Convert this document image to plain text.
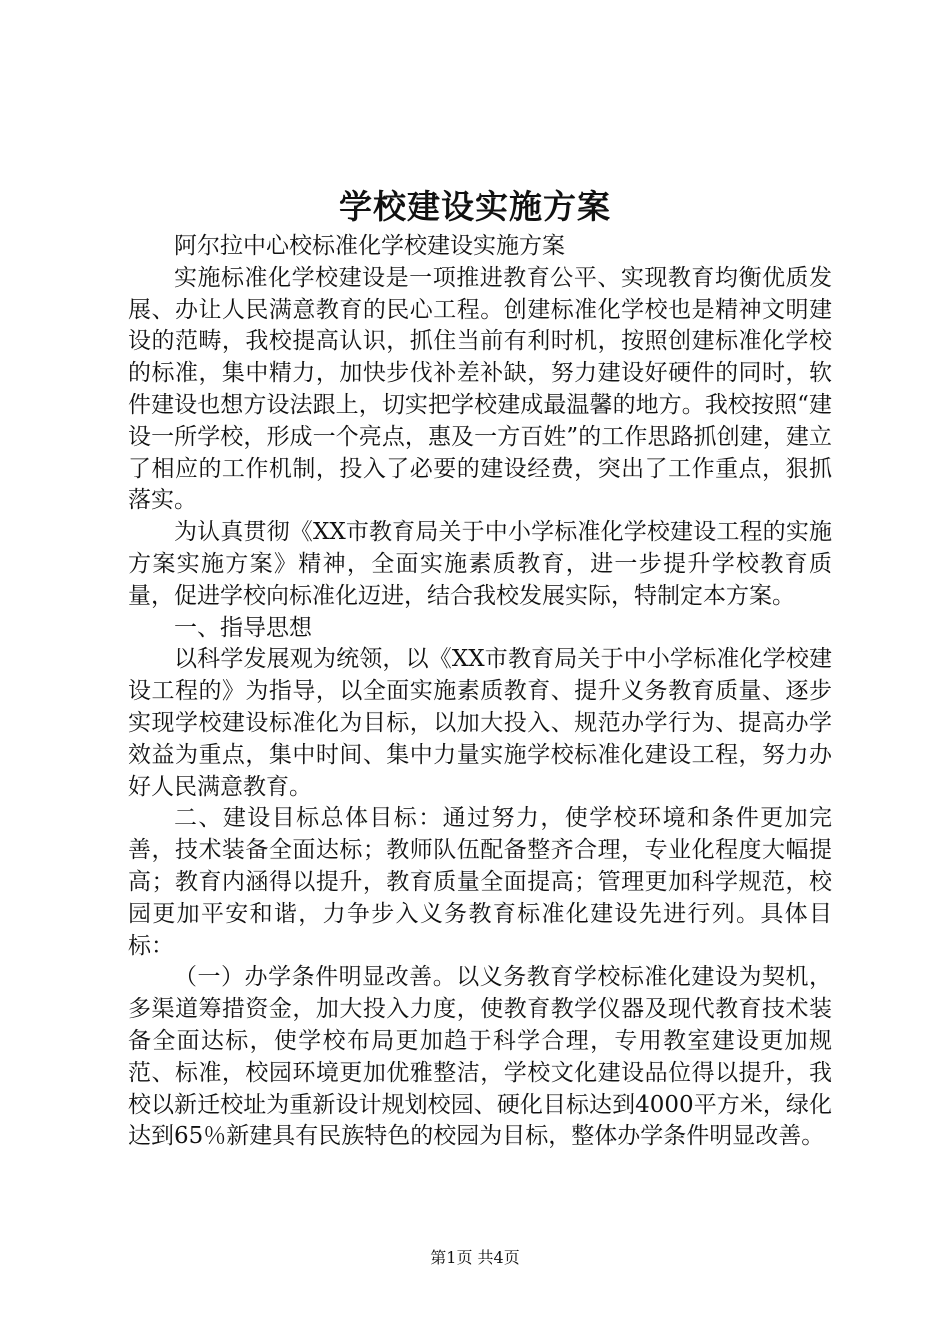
学校建设实施方案

阿尔拉中心校标准化学校建设实施方案

实施标准化学校建设是一项推进教育公平、实现教育均衡优质发展、办让人民满意教育的民心工程。创建标准化学校也是精神文明建设的范畴，我校提高认识，抓住当前有利时机，按照创建标准化学校的标准，集中精力，加快步伐补差补缺，努力建设好硬件的同时，软件建设也想方设法跟上，切实把学校建成最温馨的地方。我校按照“建设一所学校，形成一个亮点，惠及一方百姓”的工作思路抓创建，建立了相应的工作机制，投入了必要的建设经费，突出了工作重点，狠抓落实。

为认真贯彻《XX市教育局关于中小学标准化学校建设工程的实施方案实施方案》精神，全面实施素质教育，进一步提升学校教育质量，促进学校向标准化迈进，结合我校发展实际，特制定本方案。

一、指导思想

以科学发展观为统领，以《XX市教育局关于中小学标准化学校建设工程的》为指导，以全面实施素质教育、提升义务教育质量、逐步实现学校建设标准化为目标，以加大投入、规范办学行为、提高办学效益为重点，集中时间、集中力量实施学校标准化建设工程，努力办好人民满意教育。

二、建设目标总体目标：通过努力，使学校环境和条件更加完善，技术装备全面达标；教师队伍配备整齐合理，专业化程度大幅提高；教育内涵得以提升，教育质量全面提高；管理更加科学规范，校园更加平安和谐，力争步入义务教育标准化建设先进行列。具体目标：

（一）办学条件明显改善。以义务教育学校标准化建设为契机，多渠道筹措资金，加大投入力度，使教育教学仪器及现代教育技术装备全面达标，使学校布局更加趋于科学合理，专用教室建设更加规范、标准，校园环境更加优雅整洁，学校文化建设品位得以提升，我校以新迁校址为重新设计规划校园、硬化目标达到4000平方米，绿化达到65％新建具有民族特色的校园为目标，整体办学条件明显改善。

第1页 共4页
